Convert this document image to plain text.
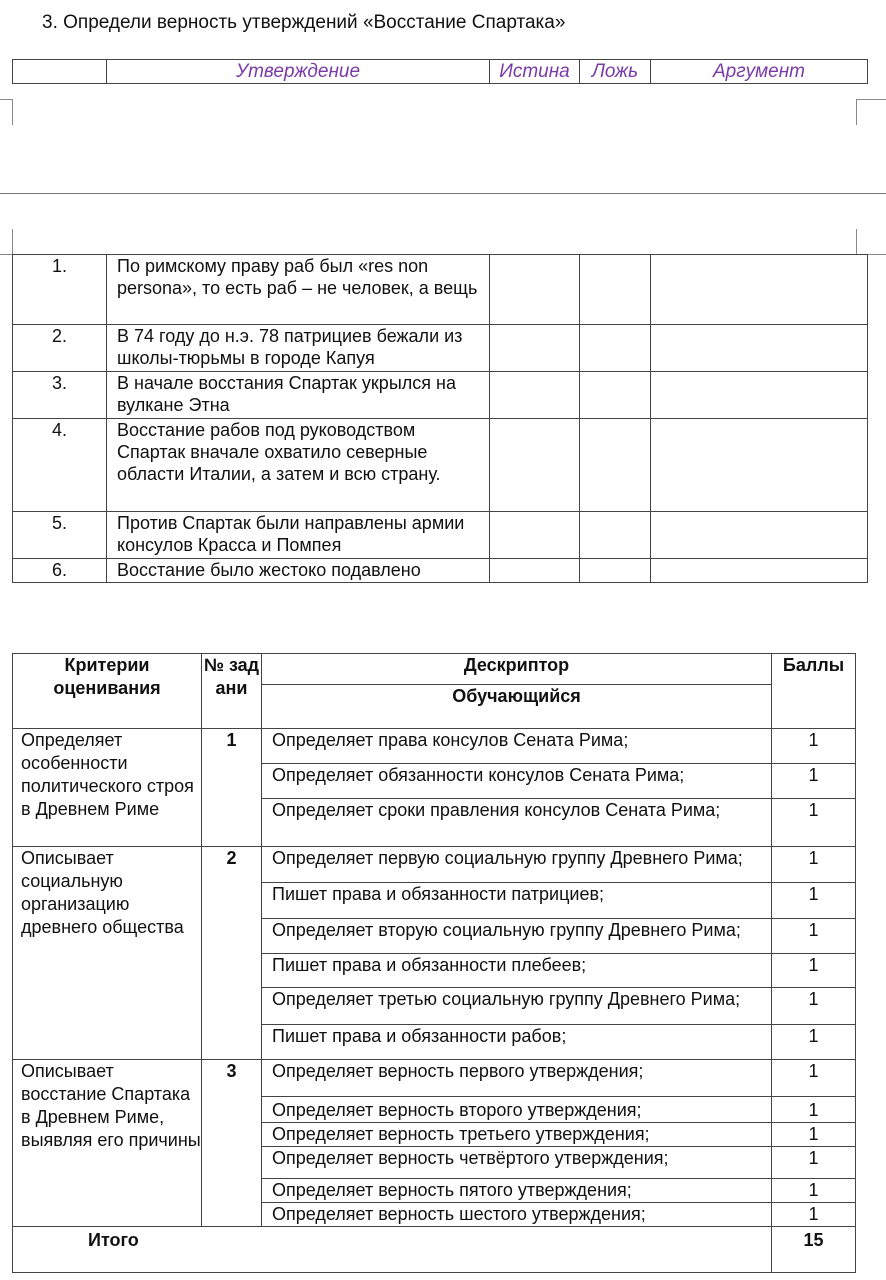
3. Определи верность утверждений «Восстание Спартака»
	Утверждение	Истина	Ложь	Аргумент
1.	По римскому праву раб был «res non persona», то есть раб – не человек, а вещь			
2.	В 74 году до н.э. 78 патрициев бежали из школы-тюрьмы в городе Капуя			
3.	В начале восстания Спартак укрылся на вулкане Этна			
4.	Восстание рабов под руководством Спартак вначале охватило северные области Италии, а затем и всю страну.			
5.	Против Спартак были направлены армии консулов Красса и Помпея			
6.	Восстание было жестоко подавлено			
Критерии оценивания	№ зад ани	Дескриптор	Баллы
		Обучающийся	
Определяет особенности политического строя в Древнем Риме	1	Определяет права консулов Сената Рима;	1
		Определяет обязанности консулов Сената Рима;	1
		Определяет сроки правления консулов Сената Рима;	1
Описывает социальную организацию древнего общества	2	Определяет первую социальную группу Древнего Рима;	1
		Пишет права и обязанности патрициев;	1

		Определяет вторую социальную группу Древнего Рима;	1
		Пишет права и обязанности плебеев;	1

		Определяет третью социальную группу Древнего Рима;	1
		Пишет права и обязанности рабов;	1
Описывает восстание Спартака в Древнем Риме, выявляя его причины	3	Определяет верность первого утверждения;	1
		Определяет верность второго утверждения;	1
		Определяет верность третьего утверждения;	1
		Определяет верность четвёртого утверждения;	1
		Определяет верность пятого утверждения;	1
		Определяет верность шестого утверждения;	1
Итого			15
